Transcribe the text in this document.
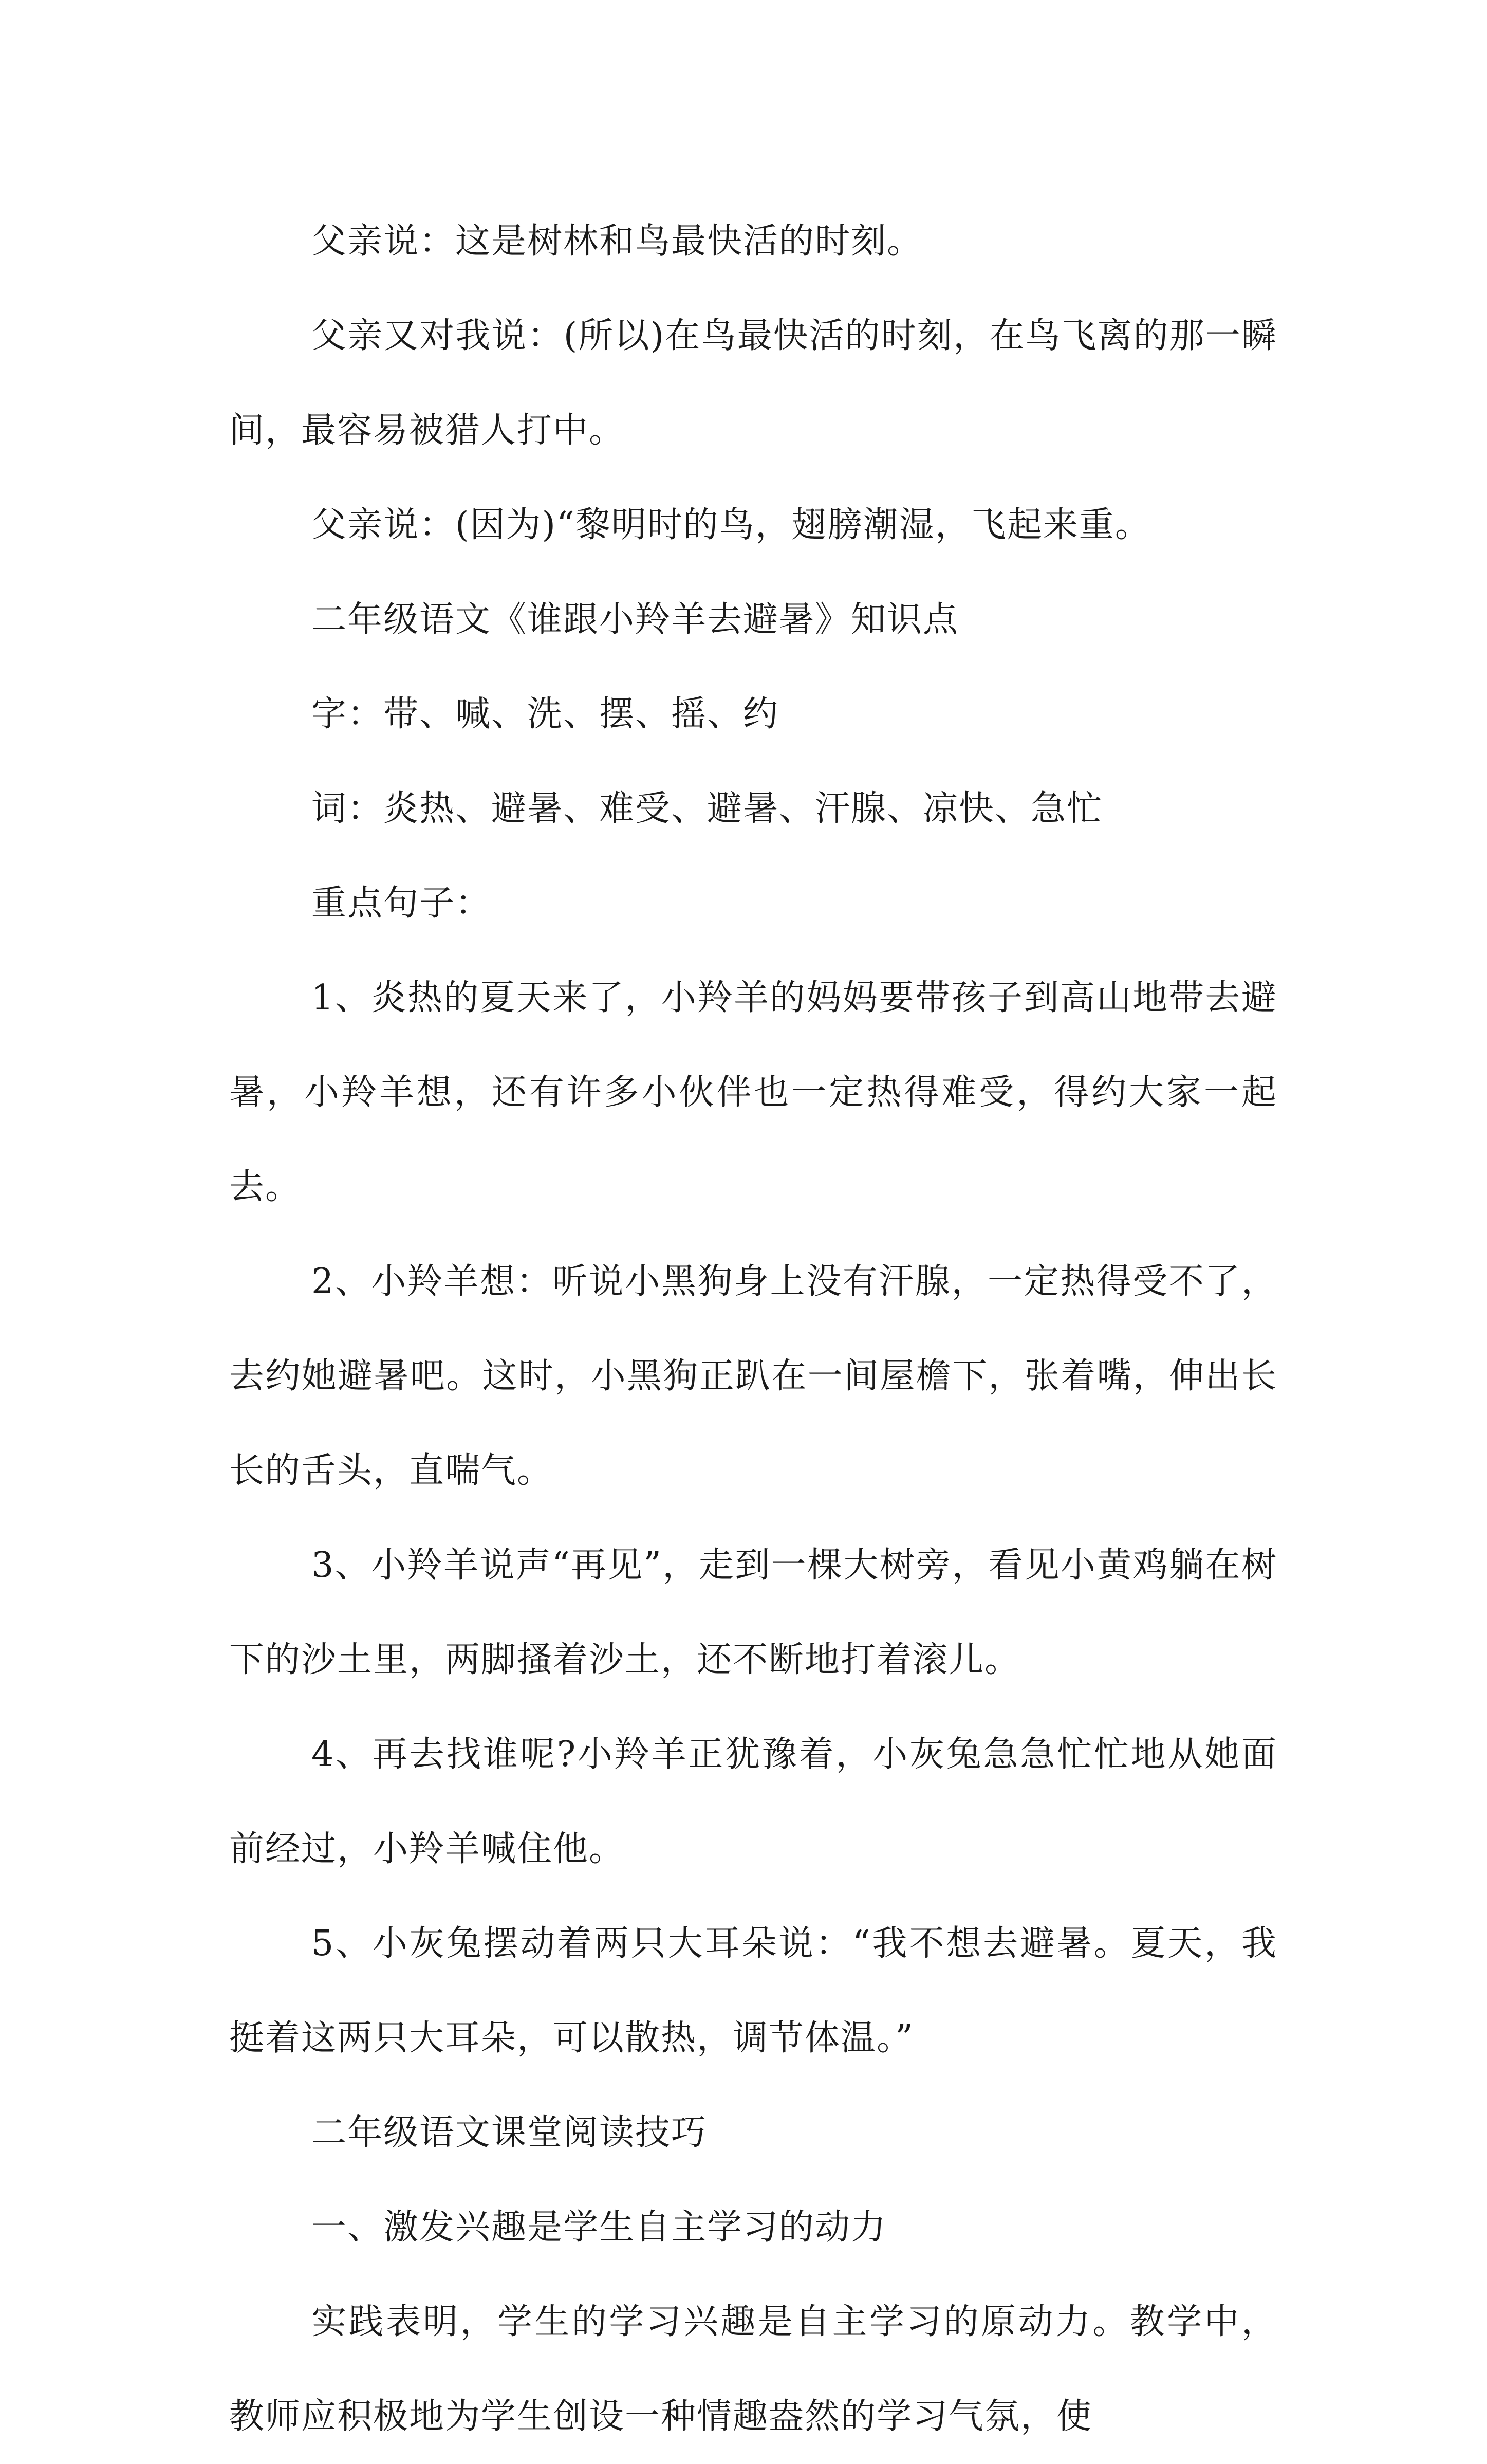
父亲说：这是树林和鸟最快活的时刻。

父亲又对我说：(所以)在鸟最快活的时刻，在鸟飞离的那一瞬间，最容易被猎人打中。

父亲说：(因为)“黎明时的鸟，翅膀潮湿，飞起来重。

二年级语文《谁跟小羚羊去避暑》知识点

字：带、喊、洗、摆、摇、约

词：炎热、避暑、难受、避暑、汗腺、凉快、急忙

重点句子：

1、炎热的夏天来了，小羚羊的妈妈要带孩子到高山地带去避暑，小羚羊想，还有许多小伙伴也一定热得难受，得约大家一起去。

2、小羚羊想：听说小黑狗身上没有汗腺，一定热得受不了，去约她避暑吧。这时，小黑狗正趴在一间屋檐下，张着嘴，伸出长长的舌头，直喘气。

3、小羚羊说声“再见”，走到一棵大树旁，看见小黄鸡躺在树下的沙土里，两脚搔着沙土，还不断地打着滚儿。

4、再去找谁呢?小羚羊正犹豫着，小灰兔急急忙忙地从她面前经过，小羚羊喊住他。

5、小灰兔摆动着两只大耳朵说：“我不想去避暑。夏天，我挺着这两只大耳朵，可以散热，调节体温。”

二年级语文课堂阅读技巧

一、激发兴趣是学生自主学习的动力

实践表明，学生的学习兴趣是自主学习的原动力。教学中，教师应积极地为学生创设一种情趣盎然的学习气氛，使
